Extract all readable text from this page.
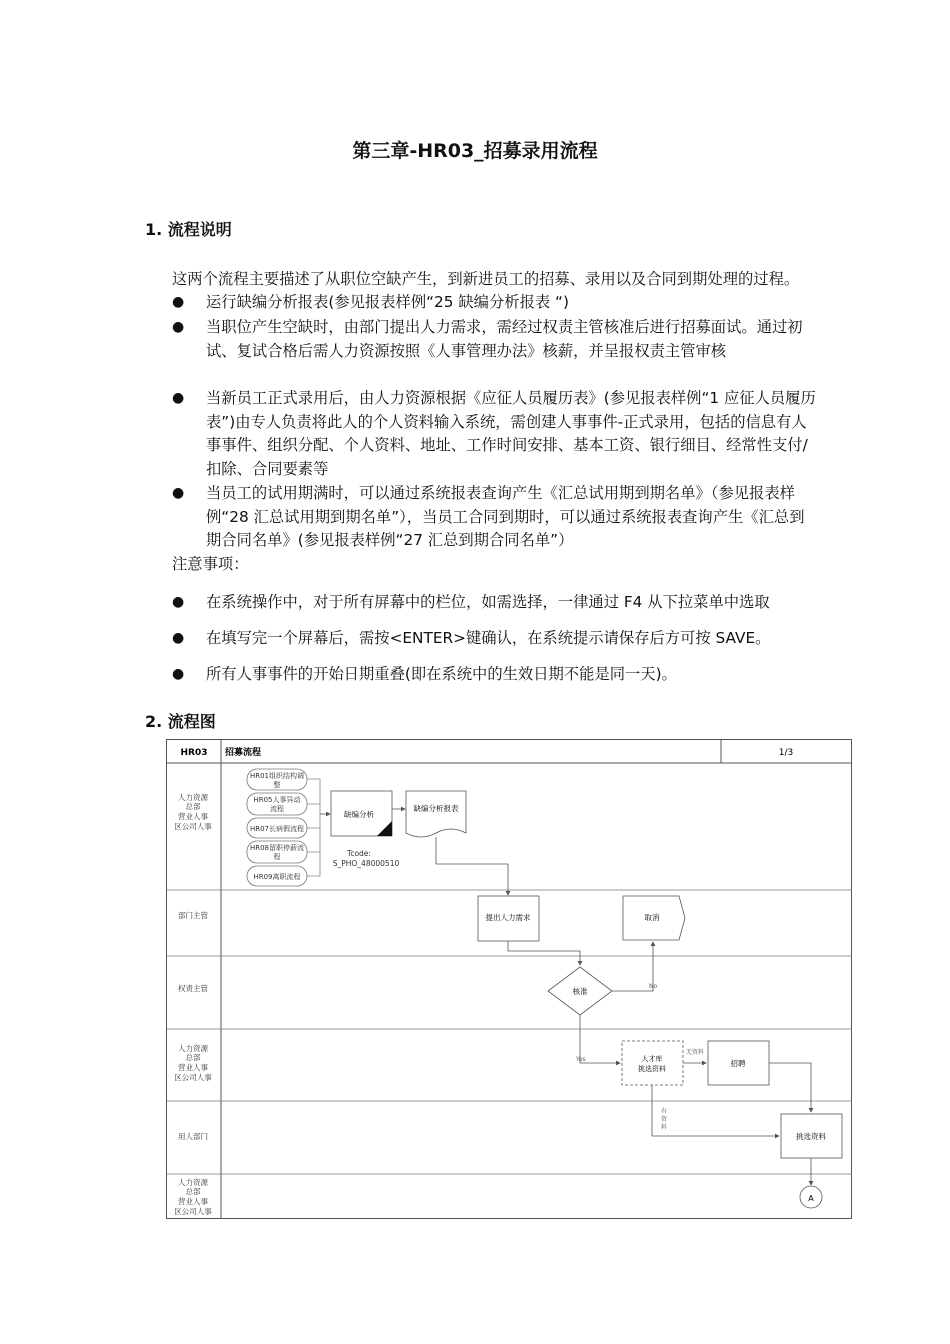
第三章-HR03_招募录用流程
1. 流程说明
这两个流程主要描述了从职位空缺产生，到新进员工的招募、录用以及合同到期处理的过程。
●	运行缺编分析报表(参见报表样例“25 缺编分析报表 “)
●	当职位产生空缺时，由部门提出人力需求，需经过权责主管核准后进行招募面试。通过初试、复试合格后需人力资源按照《人事管理办法》核薪，并呈报权责主管审核
●	当新员工正式录用后，由人力资源根据《应征人员履历表》(参见报表样例“1 应征人员履历表”)由专人负责将此人的个人资料输入系统，需创建人事事件-正式录用，包括的信息有人事事件、组织分配、个人资料、地址、工作时间安排、基本工资、银行细目、经常性支付/扣除、合同要素等
●	当员工的试用期满时，可以通过系统报表查询产生《汇总试用期到期名单》（参见报表样例“28 汇总试用期到期名单”），当员工合同到期时，可以通过系统报表查询产生《汇总到期合同名单》(参见报表样例“27 汇总到期合同名单”）
注意事项：
●	在系统操作中，对于所有屏幕中的栏位，如需选择，一律通过 F4 从下拉菜单中选取
●	在填写完一个屏幕后，需按<ENTER>键确认，在系统提示请保存后方可按 SAVE。
●	所有人事事件的开始日期重叠(即在系统中的生效日期不能是同一天)。
2. 流程图
HR03 招募流程	1/3
人力资源
总部
营业人事
区公司人事
部门主管
权责主管
人力资源
总部
营业人事
区公司人事
用人部门
人力资源
总部
营业人事
区公司人事
HR01组织结构调
整
HR05人事异动
流程
HR07长病假流程
HR08留职停薪流
程
HR09离职流程
缺编分析
Tcode:
S_PHO_48000510
缺编分析报表
提出人力需求	取消
核准
No
Yes	人才库
挑选资料
无资料
招聘
有
资
料
挑选资料
A
